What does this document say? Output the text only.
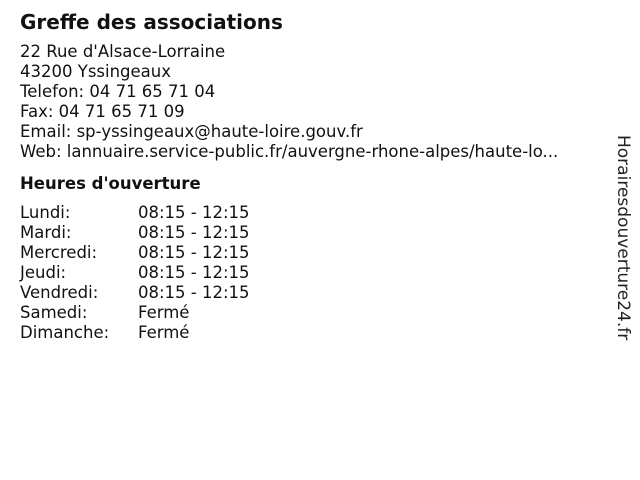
Greffe des associations
22 Rue d'Alsace-Lorraine
43200 Yssingeaux
Telefon: 04 71 65 71 04
Fax: 04 71 65 71 09
Email: sp-yssingeaux@haute-loire.gouv.fr
Web: lannuaire.service-public.fr/auvergne-rhone-alpes/haute-lo...
Heures d'ouverture
Lundi:	08:15 - 12:15
Mardi:	08:15 - 12:15
Mercredi:	08:15 - 12:15
Jeudi:	08:15 - 12:15
Vendredi:	08:15 - 12:15
Samedi:	Fermé
Dimanche:	Fermé	Horairesdouverture24.fr
